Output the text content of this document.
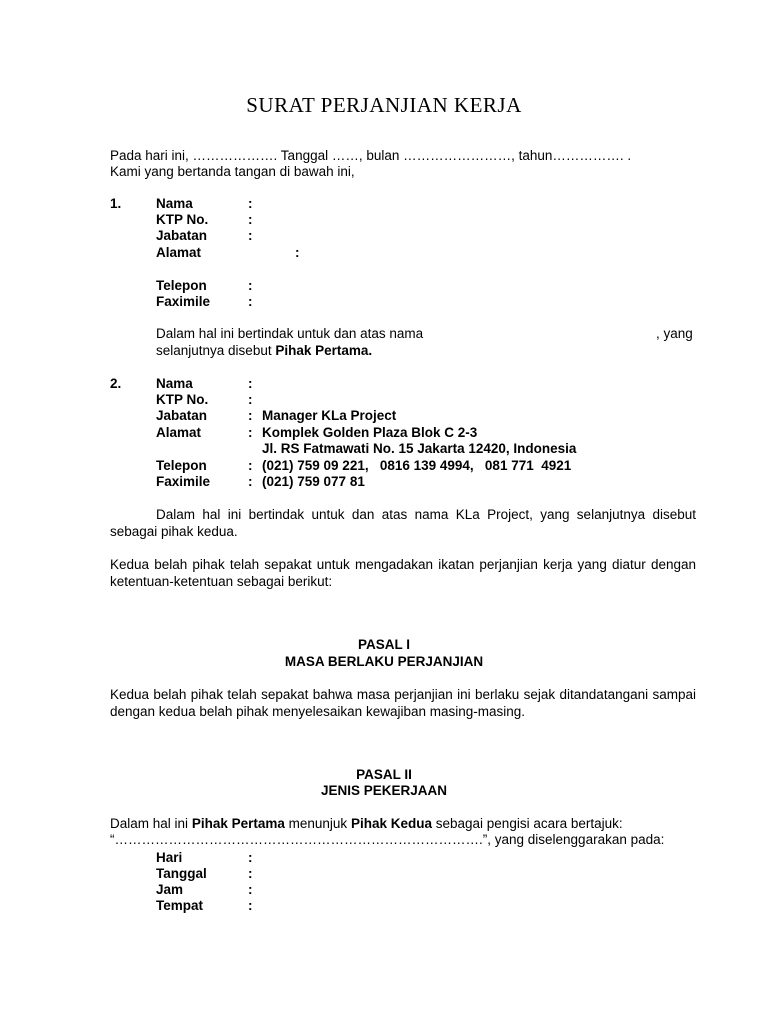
SURAT PERJANJIAN KERJA
Pada hari ini, ………………. Tanggal ……, bulan ……………………, tahun……………. .
Kami yang bertanda tangan di bawah ini,
1.	Nama	:
KTP No.	:
Jabatan	:
Alamat	:
Telepon	:
Faximile	:
Dalam hal ini bertindak untuk dan atas nama	, yang
selanjutnya disebut Pihak Pertama.
2.	Nama	:
KTP No.	:
Jabatan	: Manager KLa Project
Alamat	: Komplek Golden Plaza Blok C 2-3
Jl. RS Fatmawati No. 15 Jakarta 12420, Indonesia
Telepon	: (021) 759 09 221,   0816 139 4994,   081 771  4921
Faximile	: (021) 759 077 81
Dalam hal ini bertindak untuk dan atas nama KLa Project, yang selanjutnya disebut sebagai pihak kedua.
Kedua belah pihak telah sepakat untuk mengadakan ikatan perjanjian kerja yang diatur dengan ketentuan-ketentuan sebagai berikut:
PASAL I
MASA BERLAKU PERJANJIAN
Kedua belah pihak telah sepakat bahwa masa perjanjian ini berlaku sejak ditandatangani sampai dengan kedua belah pihak menyelesaikan kewajiban masing-masing.
PASAL II
JENIS PEKERJAAN
Dalam hal ini Pihak Pertama menunjuk Pihak Kedua sebagai pengisi acara bertajuk:
“……………………………………………………………………….”, yang diselenggarakan pada:
Hari	:
Tanggal	:
Jam	:
Tempat	:
